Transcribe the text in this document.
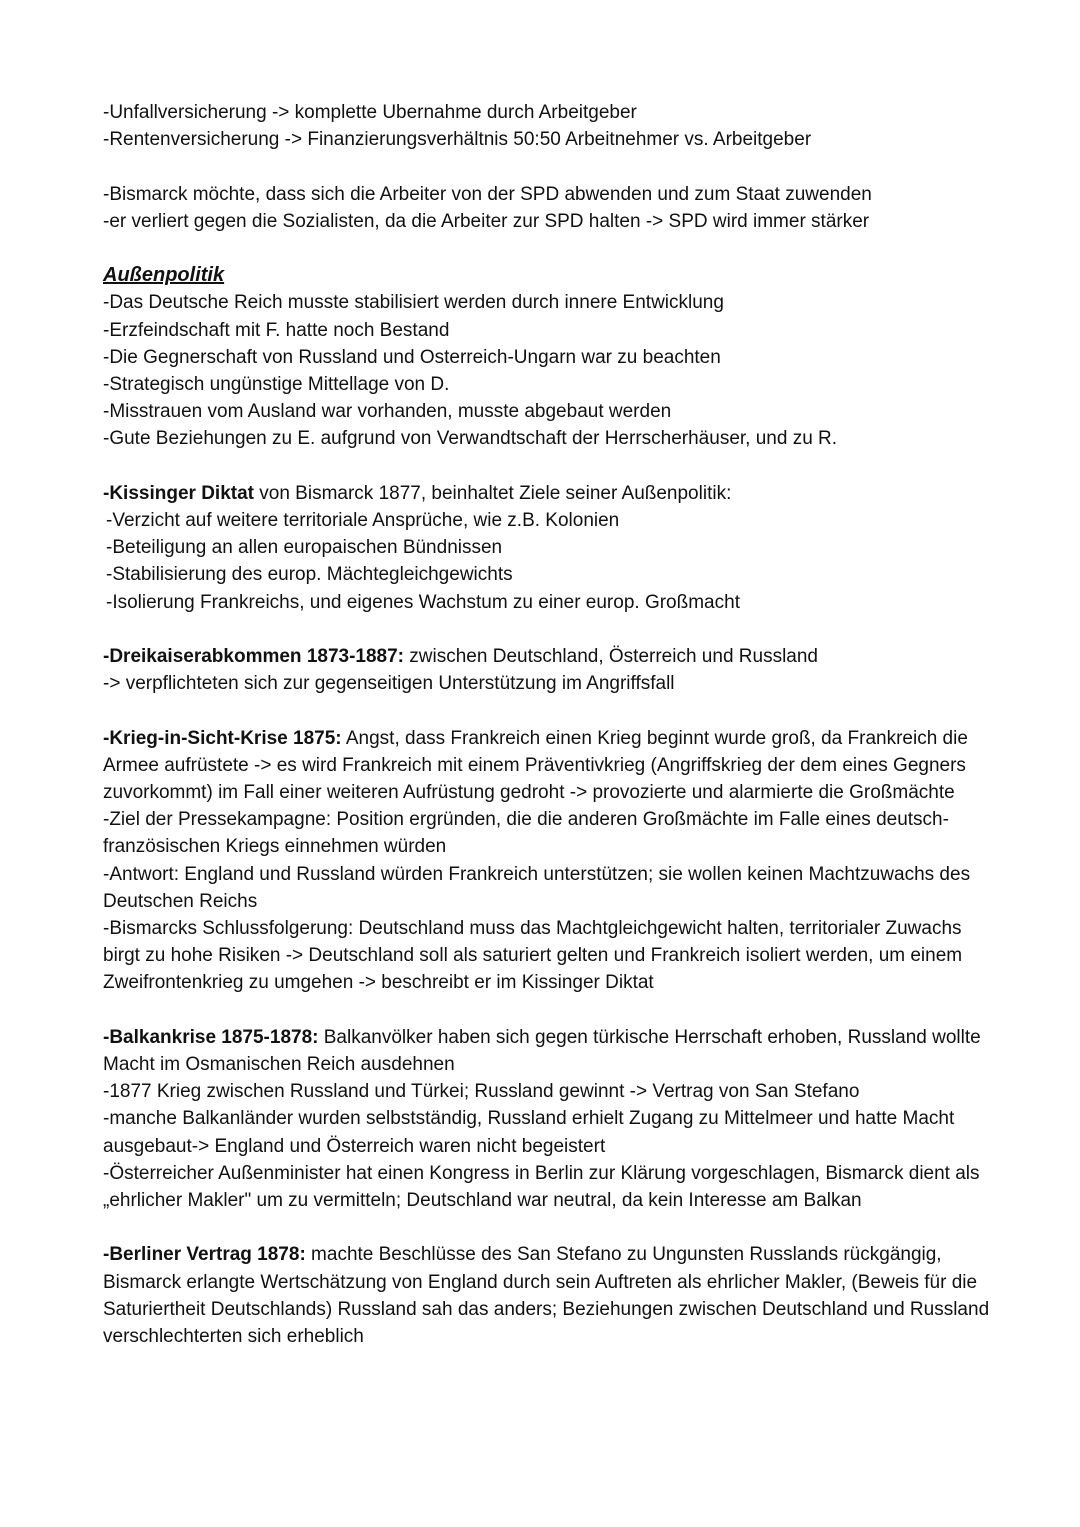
-Unfallversicherung -> komplette Ubernahme durch Arbeitgeber

-Rentenversicherung -> Finanzierungsverhältnis 50:50 Arbeitnehmer vs. Arbeitgeber

-Bismarck möchte, dass sich die Arbeiter von der SPD abwenden und zum Staat zuwenden

-er verliert gegen die Sozialisten, da die Arbeiter zur SPD halten -> SPD wird immer stärker

Außenpolitik

-Das Deutsche Reich musste stabilisiert werden durch innere Entwicklung

-Erzfeindschaft mit F. hatte noch Bestand

-Die Gegnerschaft von Russland und Osterreich-Ungarn war zu beachten

-Strategisch ungünstige Mittellage von D.

-Misstrauen vom Ausland war vorhanden, musste abgebaut werden

-Gute Beziehungen zu E. aufgrund von Verwandtschaft der Herrscherhäuser, und zu R.

-Kissinger Diktat von Bismarck 1877, beinhaltet Ziele seiner Außenpolitik:

-Verzicht auf weitere territoriale Ansprüche, wie z.B. Kolonien

-Beteiligung an allen europaischen Bündnissen

-Stabilisierung des europ. Mächtegleichgewichts

-Isolierung Frankreichs, und eigenes Wachstum zu einer europ. Großmacht

-Dreikaiserabkommen 1873-1887: zwischen Deutschland, Österreich und Russland

-> verpflichteten sich zur gegenseitigen Unterstützung im Angriffsfall

-Krieg-in-Sicht-Krise 1875: Angst, dass Frankreich einen Krieg beginnt wurde groß, da Frankreich die Armee aufrüstete -> es wird Frankreich mit einem Präventivkrieg (Angriffskrieg der dem eines Gegners zuvorkommt) im Fall einer weiteren Aufrüstung gedroht -> provozierte und alarmierte die Großmächte

-Ziel der Pressekampagne: Position ergründen, die die anderen Großmächte im Falle eines deutsch-französischen Kriegs einnehmen würden

-Antwort: England und Russland würden Frankreich unterstützen; sie wollen keinen Machtzuwachs des Deutschen Reichs

-Bismarcks Schlussfolgerung: Deutschland muss das Machtgleichgewicht halten, territorialer Zuwachs birgt zu hohe Risiken -> Deutschland soll als saturiert gelten und Frankreich isoliert werden, um einem Zweifrontenkrieg zu umgehen -> beschreibt er im Kissinger Diktat

-Balkankrise 1875-1878: Balkanvölker haben sich gegen türkische Herrschaft erhoben, Russland wollte Macht im Osmanischen Reich ausdehnen

-1877 Krieg zwischen Russland und Türkei; Russland gewinnt -> Vertrag von San Stefano

-manche Balkanländer wurden selbstständig, Russland erhielt Zugang zu Mittelmeer und hatte Macht ausgebaut-> England und Österreich waren nicht begeistert

-Österreicher Außenminister hat einen Kongress in Berlin zur Klärung vorgeschlagen, Bismarck dient als „ehrlicher Makler" um zu vermitteln; Deutschland war neutral, da kein Interesse am Balkan

-Berliner Vertrag 1878: machte Beschlüsse des San Stefano zu Ungunsten Russlands rückgängig, Bismarck erlangte Wertschätzung von England durch sein Auftreten als ehrlicher Makler, (Beweis für die Saturiertheit Deutschlands) Russland sah das anders; Beziehungen zwischen Deutschland und Russland verschlechterten sich erheblich
